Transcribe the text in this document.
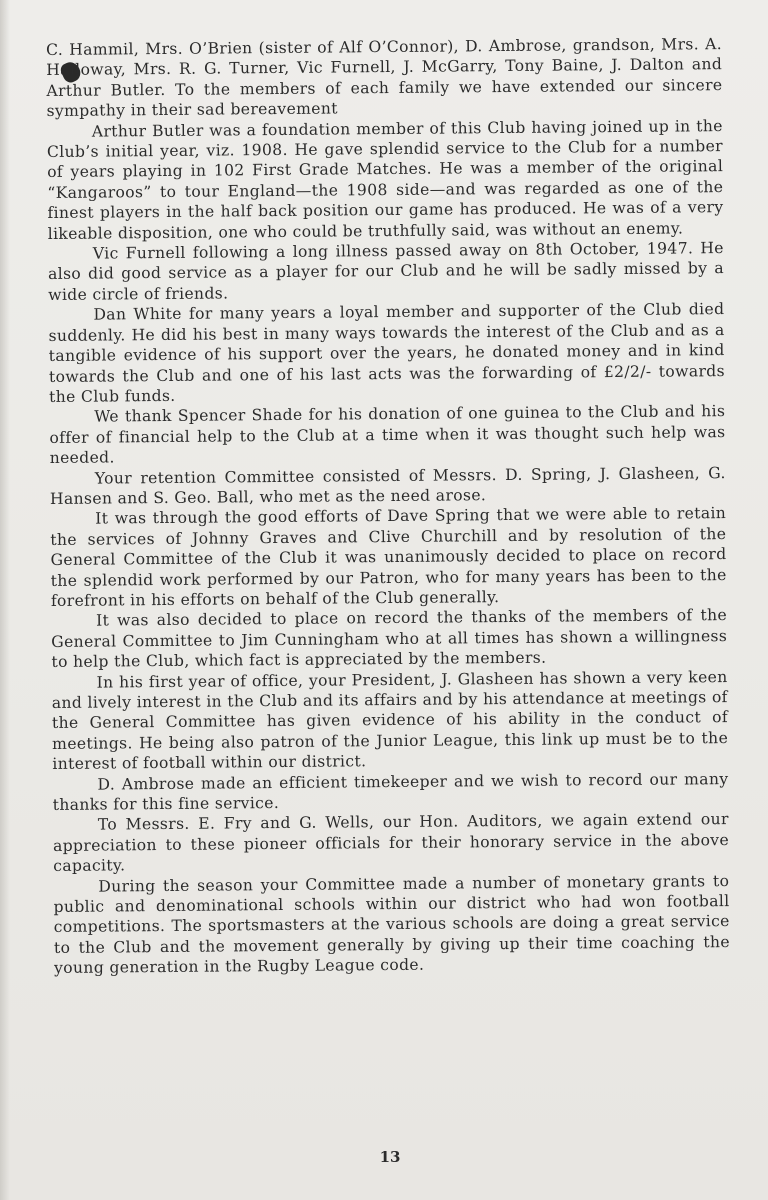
C. Hammil, Mrs. O’Brien (sister of Alf O’Connor), D. Ambrose, grandson, Mrs. A. Halloway, Mrs. R. G. Turner, Vic Furnell, J. McGarry, Tony Baine, J. Dalton and Arthur Butler. To the members of each family we have extended our sincere sympathy in their sad bereavement

Arthur Butler was a foundation member of this Club having joined up in the Club’s initial year, viz. 1908. He gave splendid service to the Club for a number of years playing in 102 First Grade Matches. He was a member of the original “Kangaroos” to tour England—the 1908 side—and was regarded as one of the finest players in the half back position our game has produced. He was of a very likeable disposition, one who could be truthfully said, was without an enemy.

Vic Furnell following a long illness passed away on 8th October, 1947. He also did good service as a player for our Club and he will be sadly missed by a wide circle of friends.

Dan White for many years a loyal member and supporter of the Club died suddenly. He did his best in many ways towards the interest of the Club and as a tangible evidence of his support over the years, he donated money and in kind towards the Club and one of his last acts was the forwarding of £2/2/- towards the Club funds.

We thank Spencer Shade for his donation of one guinea to the Club and his offer of financial help to the Club at a time when it was thought such help was needed.

Your retention Committee consisted of Messrs. D. Spring, J. Glasheen, G. Hansen and S. Geo. Ball, who met as the need arose.

It was through the good efforts of Dave Spring that we were able to retain the services of Johnny Graves and Clive Churchill and by resolution of the General Committee of the Club it was unanimously decided to place on record the splendid work performed by our Patron, who for many years has been to the forefront in his efforts on behalf of the Club generally.

It was also decided to place on record the thanks of the members of the General Committee to Jim Cunningham who at all times has shown a willingness to help the Club, which fact is appreciated by the members.

In his first year of office, your President, J. Glasheen has shown a very keen and lively interest in the Club and its affairs and by his attendance at meetings of the General Committee has given evidence of his ability in the conduct of meetings. He being also patron of the Junior League, this link up must be to the interest of football within our district.

D. Ambrose made an efficient timekeeper and we wish to record our many thanks for this fine service.

To Messrs. E. Fry and G. Wells, our Hon. Auditors, we again extend our appreciation to these pioneer officials for their honorary service in the above capacity.

During the season your Committee made a number of monetary grants to public and denominational schools within our district who had won football competitions. The sportsmasters at the various schools are doing a great service to the Club and the movement generally by giving up their time coaching the young generation in the Rugby League code.

13
